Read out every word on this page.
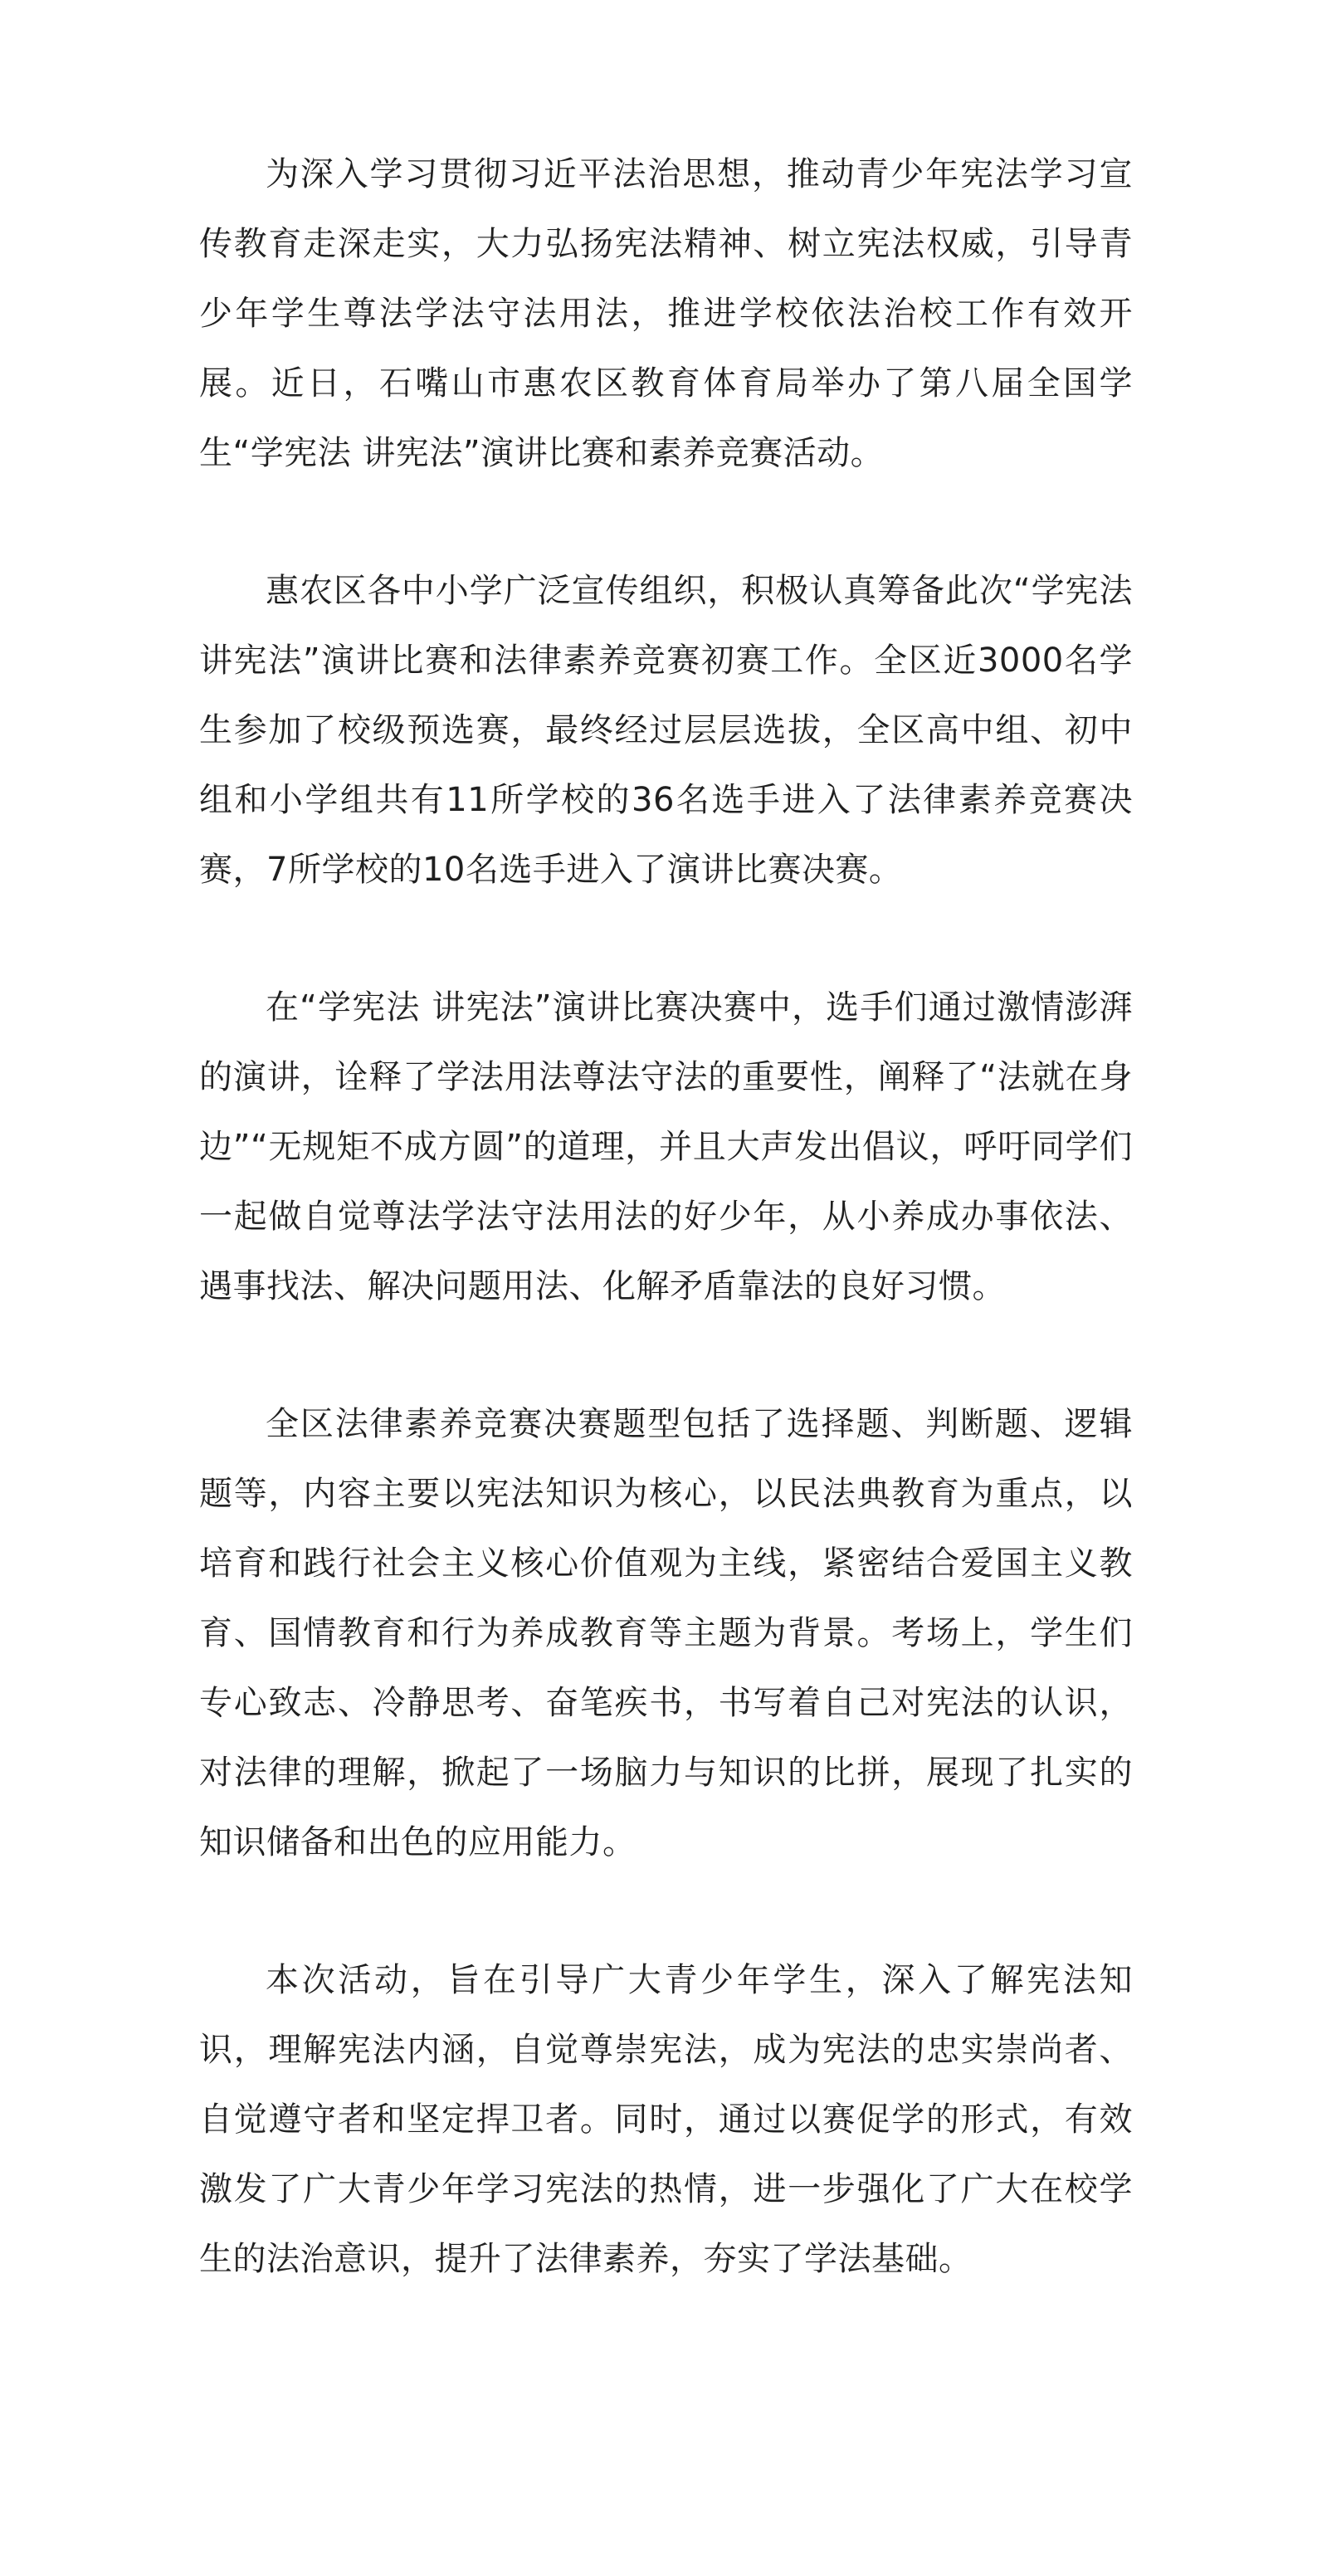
为深入学习贯彻习近平法治思想，推动青少年宪法学习宣传教育走深走实，大力弘扬宪法精神、树立宪法权威，引导青少年学生尊法学法守法用法，推进学校依法治校工作有效开展。近日，石嘴山市惠农区教育体育局举办了第八届全国学生“学宪法 讲宪法”演讲比赛和素养竞赛活动。

惠农区各中小学广泛宣传组织，积极认真筹备此次“学宪法 讲宪法”演讲比赛和法律素养竞赛初赛工作。全区近3000名学生参加了校级预选赛，最终经过层层选拔，全区高中组、初中组和小学组共有11所学校的36名选手进入了法律素养竞赛决赛，7所学校的10名选手进入了演讲比赛决赛。

在“学宪法 讲宪法”演讲比赛决赛中，选手们通过激情澎湃的演讲，诠释了学法用法尊法守法的重要性，阐释了“法就在身边”“无规矩不成方圆”的道理，并且大声发出倡议，呼吁同学们一起做自觉尊法学法守法用法的好少年，从小养成办事依法、遇事找法、解决问题用法、化解矛盾靠法的良好习惯。

全区法律素养竞赛决赛题型包括了选择题、判断题、逻辑题等，内容主要以宪法知识为核心，以民法典教育为重点，以培育和践行社会主义核心价值观为主线，紧密结合爱国主义教育、国情教育和行为养成教育等主题为背景。考场上，学生们专心致志、冷静思考、奋笔疾书，书写着自己对宪法的认识，对法律的理解，掀起了一场脑力与知识的比拼，展现了扎实的知识储备和出色的应用能力。

本次活动，旨在引导广大青少年学生，深入了解宪法知识，理解宪法内涵，自觉尊崇宪法，成为宪法的忠实崇尚者、自觉遵守者和坚定捍卫者。同时，通过以赛促学的形式，有效激发了广大青少年学习宪法的热情，进一步强化了广大在校学生的法治意识，提升了法律素养，夯实了学法基础。
